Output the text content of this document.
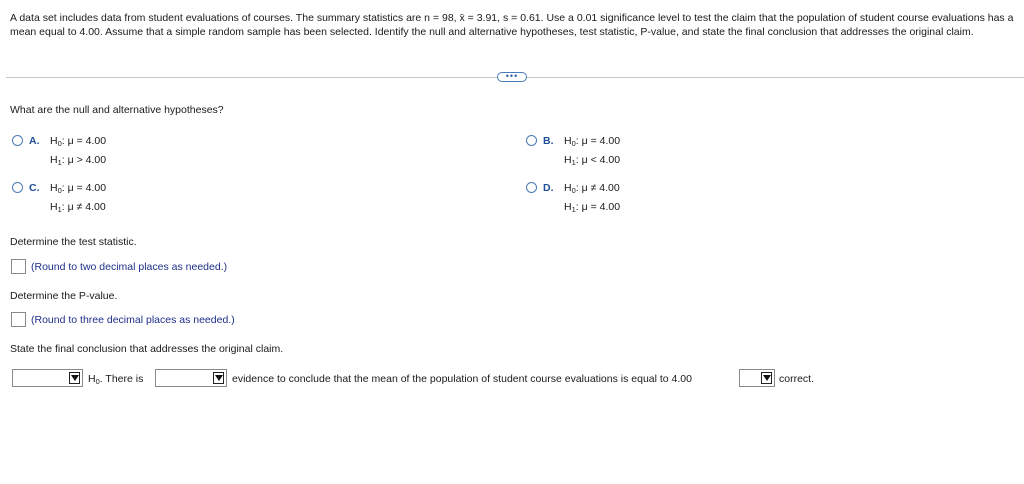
A data set includes data from student evaluations of courses. The summary statistics are n = 98, x̄ = 3.91, s = 0.61. Use a 0.01 significance level to test the claim that the population of student course evaluations has a mean equal to 4.00. Assume that a simple random sample has been selected. Identify the null and alternative hypotheses, test statistic, P-value, and state the final conclusion that addresses the original claim.
•••
What are the null and alternative hypotheses?
A. $H_0$: μ = 4.00
$H_1$: μ > 4.00
B. $H_0$: μ = 4.00
$H_1$: μ < 4.00
C. $H_0$: μ = 4.00
$H_1$: μ ≠ 4.00
D. $H_0$: μ ≠ 4.00
$H_1$: μ = 4.00
Determine the test statistic.
(Round to two decimal places as needed.)
Determine the P-value.
(Round to three decimal places as needed.)
State the final conclusion that addresses the original claim.
$H_0$. There is	evidence to conclude that the mean of the population of student course evaluations is equal to 4.00	correct.
